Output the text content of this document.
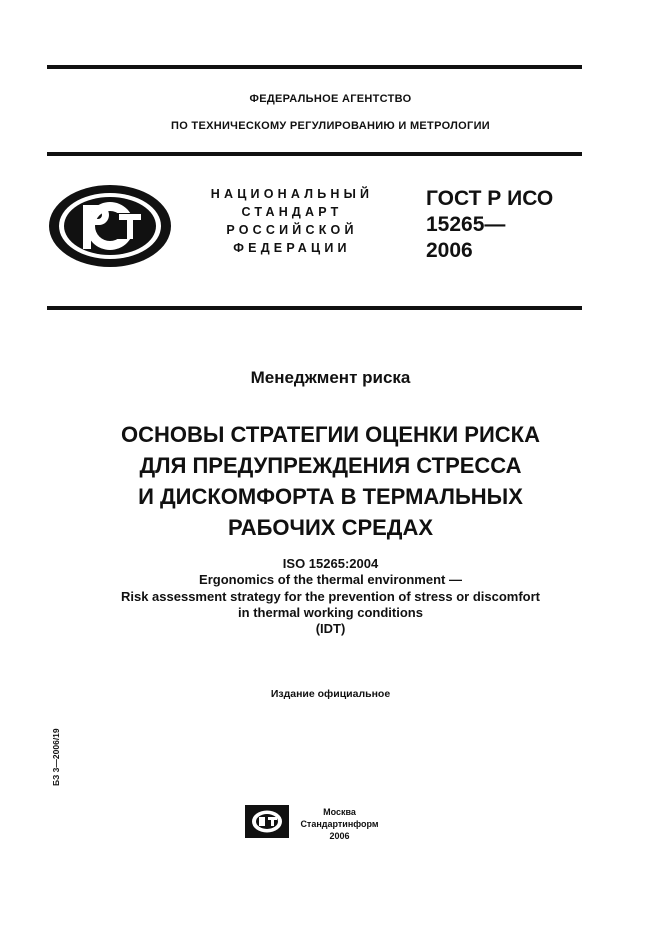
ФЕДЕРАЛЬНОЕ АГЕНТСТВО
ПО ТЕХНИЧЕСКОМУ РЕГУЛИРОВАНИЮ И МЕТРОЛОГИИ
НАЦИОНАЛЬНЫЙ
СТАНДАРТ
РОССИЙСКОЙ
ФЕДЕРАЦИИ
ГОСТ Р ИСО
15265—
2006
Менеджмент риска
ОСНОВЫ СТРАТЕГИИ ОЦЕНКИ РИСКА
ДЛЯ ПРЕДУПРЕЖДЕНИЯ СТРЕССА
И ДИСКОМФОРТА В ТЕРМАЛЬНЫХ
РАБОЧИХ СРЕДАХ
ISO 15265:2004
Ergonomics of the thermal environment —
Risk assessment strategy for the prevention of stress or discomfort
in thermal working conditions
(IDT)
Издание официальное
БЗ 3—2006/19
Москва
Стандартинформ
2006
